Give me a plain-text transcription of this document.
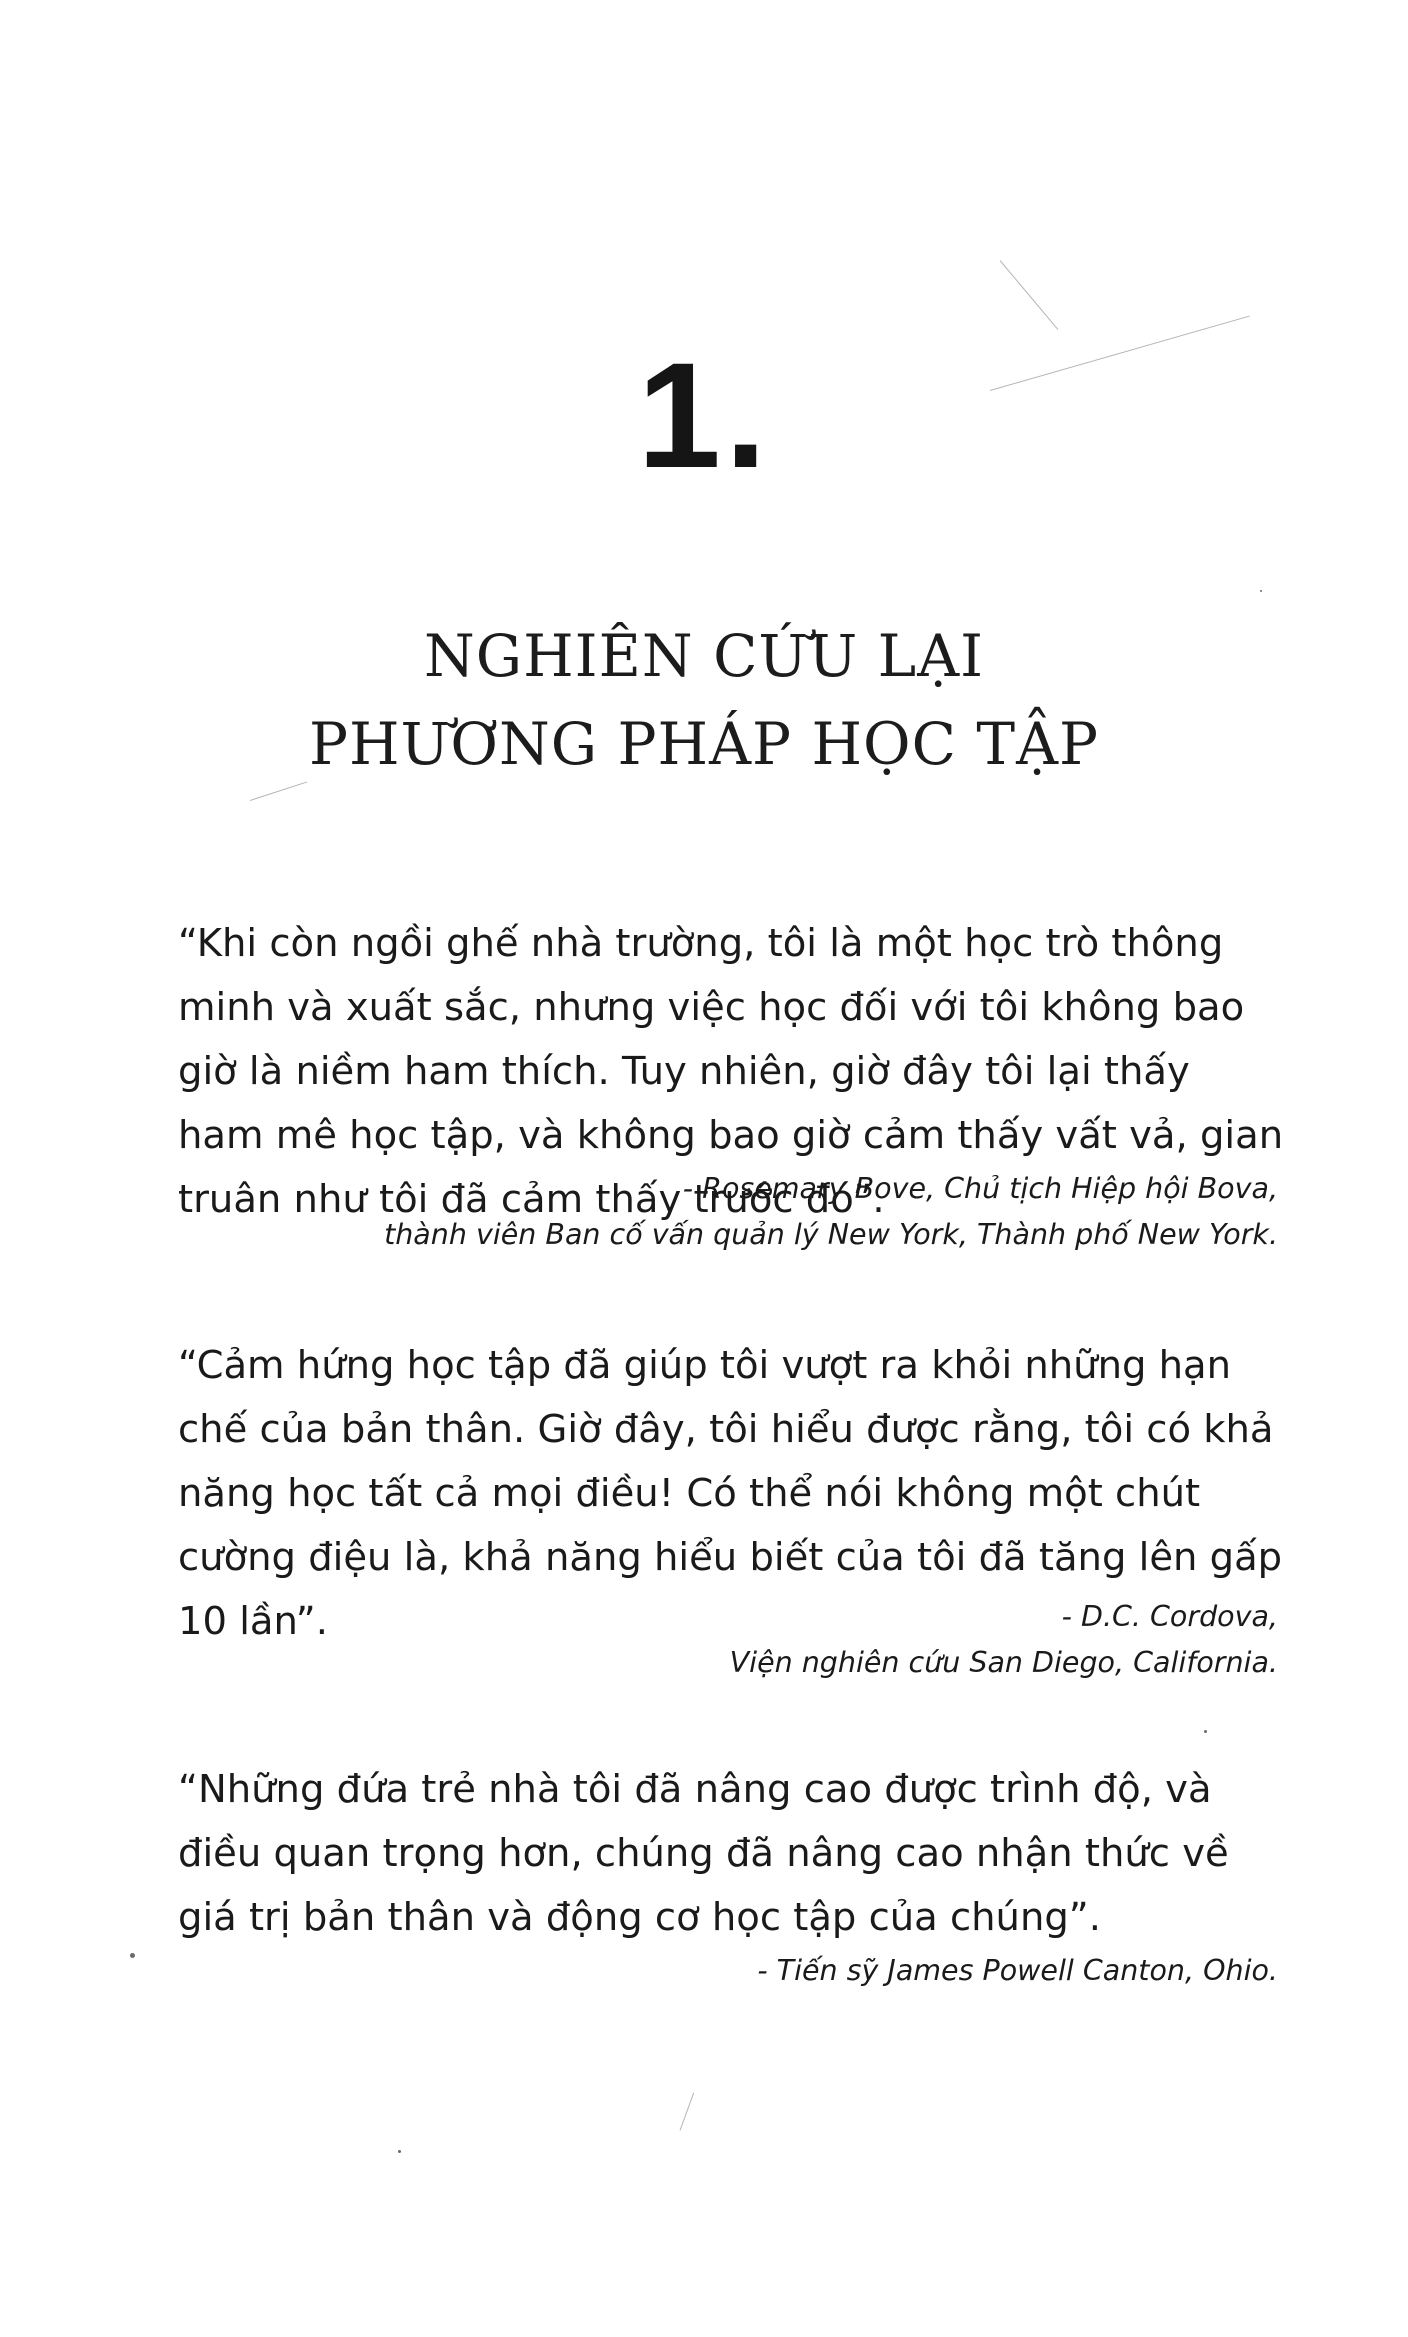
1.
NGHIÊN CỨU LẠI
PHƯƠNG PHÁP HỌC TẬP

“Khi còn ngồi ghế nhà trường, tôi là một học trò thông minh và xuất sắc, nhưng việc học đối với tôi không bao giờ là niềm ham thích. Tuy nhiên, giờ đây tôi lại thấy ham mê học tập, và không bao giờ cảm thấy vất vả, gian truân như tôi đã cảm thấy trước đó”.

- Rosemary Bove, Chủ tịch Hiệp hội Bova,
thành viên Ban cố vấn quản lý New York, Thành phố New York.

“Cảm hứng học tập đã giúp tôi vượt ra khỏi những hạn chế của bản thân. Giờ đây, tôi hiểu được rằng, tôi có khả năng học tất cả mọi điều! Có thể nói không một chút cường điệu là, khả năng hiểu biết của tôi đã tăng lên gấp 10 lần”.	- D.C. Cordova,
Viện nghiên cứu San Diego, California.

“Những đứa trẻ nhà tôi đã nâng cao được trình độ, và điều quan trọng hơn, chúng đã nâng cao nhận thức về giá trị bản thân và động cơ học tập của chúng”.

- Tiến sỹ James Powell Canton, Ohio.
